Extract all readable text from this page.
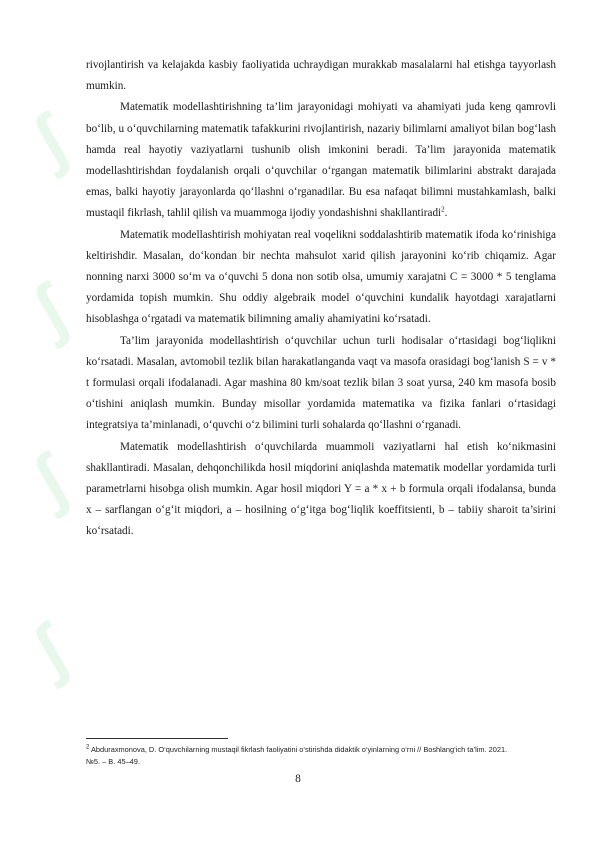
ʃ
ʃ
ʃ
ʃ

rivojlantirish va kelajakda kasbiy faoliyatida uchraydigan murakkab masalalarni hal etishga tayyorlash mumkin.

Matematik modellashtirishning ta’lim jarayonidagi mohiyati va ahamiyati juda keng qamrovli bo‘lib, u o‘quvchilarning matematik tafakkurini rivojlantirish, nazariy bilimlarni amaliyot bilan bog‘lash hamda real hayotiy vaziyatlarni tushunib olish imkonini beradi. Ta’lim jarayonida matematik modellashtirishdan foydalanish orqali o‘quvchilar o‘rgangan matematik bilimlarini abstrakt darajada emas, balki hayotiy jarayonlarda qo‘llashni o‘rganadilar. Bu esa nafaqat bilimni mustahkamlash, balki mustaqil fikrlash, tahlil qilish va muammoga ijodiy yondashishni shakllantiradi$^2$.

Matematik modellashtirish mohiyatan real voqelikni soddalashtirib matematik ifoda ko‘rinishiga keltirishdir. Masalan, do‘kondan bir nechta mahsulot xarid qilish jarayonini ko‘rib chiqamiz. Agar nonning narxi 3000 so‘m va o‘quvchi 5 dona non sotib olsa, umumiy xarajatni C = 3000 * 5 tenglama yordamida topish mumkin. Shu oddiy algebraik model o‘quvchini kundalik hayotdagi xarajatlarni hisoblashga o‘rgatadi va matematik bilimning amaliy ahamiyatini ko‘rsatadi.

Ta’lim jarayonida modellashtirish o‘quvchilar uchun turli hodisalar o‘rtasidagi bog‘liqlikni ko‘rsatadi. Masalan, avtomobil tezlik bilan harakatlanganda vaqt va masofa orasidagi bog‘lanish S = v * t formulasi orqali ifodalanadi. Agar mashina 80 km/soat tezlik bilan 3 soat yursa, 240 km masofa bosib o‘tishini aniqlash mumkin. Bunday misollar yordamida matematika va fizika fanlari o‘rtasidagi integratsiya ta’minlanadi, o‘quvchi o‘z bilimini turli sohalarda qo‘llashni o‘rganadi.

Matematik modellashtirish o‘quvchilarda muammoli vaziyatlarni hal etish ko‘nikmasini shakllantiradi. Masalan, dehqonchilikda hosil miqdorini aniqlashda matematik modellar yordamida turli parametrlarni hisobga olish mumkin. Agar hosil miqdori Y = a * x + b formula orqali ifodalansa, bunda x – sarflangan o‘g‘it miqdori, a – hosilning o‘g‘itga bog‘liqlik koeffitsienti, b – tabiiy sharoit ta’sirini ko‘rsatadi.

$^2$ Abduraxmonova, D. O‘quvchilarning mustaqil fikrlash faoliyatini o‘stirishda didaktik o‘yinlarning o‘rni // Boshlang‘ich ta’lim. 2021. №5. – B. 45–49.
8
